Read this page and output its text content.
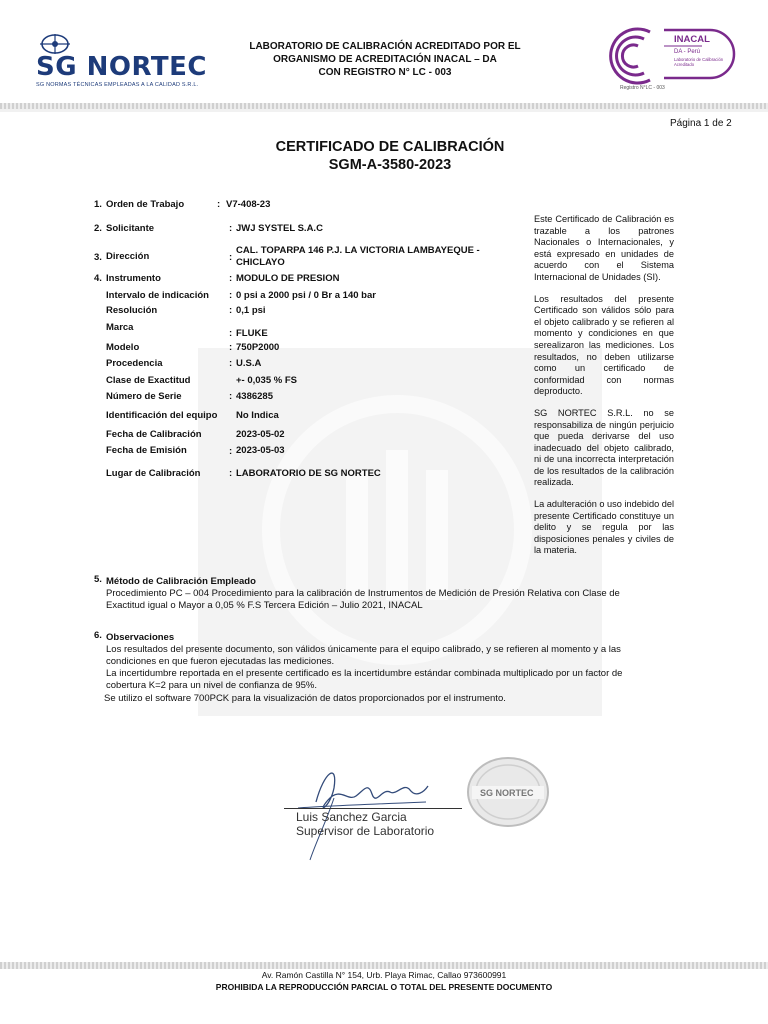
SG NORTEC
SG NORMAS TÉCNICAS EMPLEADAS A LA CALIDAD S.R.L.
LABORATORIO DE CALIBRACIÓN ACREDITADO POR EL
ORGANISMO DE ACREDITACIÓN INACAL – DA
CON REGISTRO N° LC - 003
INACAL
DA - Perú
Laboratorio de Calibración Acreditado
Registro N°LC - 003
Página 1 de 2
CERTIFICADO DE CALIBRACIÓN
SGM-A-3580-2023
1. Orden de Trabajo	: V7-408-23
2. Solicitante	: JWJ SYSTEL S.A.C
3. Dirección	:
CAL. TOPARPA 146 P.J. LA VICTORIA LAMBAYEQUE -
CHICLAYO
4. Instrumento	: MODULO DE PRESION
Intervalo de indicación : 0 psi a 2000 psi / 0 Br a 140 bar
Resolución	: 0,1 psi
Marca
: FLUKE
Modelo	: 750P2000
Procedencia	: U.S.A
Clase de Exactitud	+- 0,035 % FS
Número de Serie	: 4386285
Identificación del equipo No Indica
Fecha de Calibración	2023-05-02
Fecha de Emisión	: 2023-05-03
Lugar de Calibración	: LABORATORIO DE SG NORTEC

Este Certificado de Calibración es trazable a los patrones Nacionales o Internacionales, y está expresado en unidades de acuerdo con el Sistema Internacional de Unidades (SI).

Los resultados del presente Certificado son válidos sólo para el objeto calibrado y se refieren al momento y condiciones en que serealizaron las mediciones. Los resultados, no deben utilizarse como un certificado de conformidad con normas deproducto.

SG NORTEC S.R.L. no se responsabiliza de ningún perjuicio que pueda derivarse del uso inadecuado del objeto calibrado, ni de una incorrecta interpretación de los resultados de la calibración realizada.

La adulteración o uso indebido del presente Certificado constituye un delito y se regula por las disposiciones penales y civiles de la materia.

5. Método de Calibración Empleado
Procedimiento PC – 004 Procedimiento para la calibración de Instrumentos de Medición de Presión Relativa con Clase de Exactitud igual o Mayor a 0,05 % F.S Tercera Edición – Julio 2021, INACAL
6. Observaciones
Los resultados del presente documento, son válidos únicamente para el equipo calibrado, y se refieren al momento y a las condiciones en que fueron ejecutadas las mediciones.
La incertidumbre reportada en el presente certificado es la incertidumbre estándar combinada multiplicado por un factor de cobertura K=2 para un nivel de confianza de 95%.
Se utilizo el software 700PCK para la visualización de datos proporcionados por el instrumento.
Luis Sanchez Garcia
Supervisor de Laboratorio
SG NORTEC
Av. Ramón Castilla N° 154, Urb. Playa Rimac, Callao 973600991
PROHIBIDA LA REPRODUCCIÓN PARCIAL O TOTAL DEL PRESENTE DOCUMENTO
